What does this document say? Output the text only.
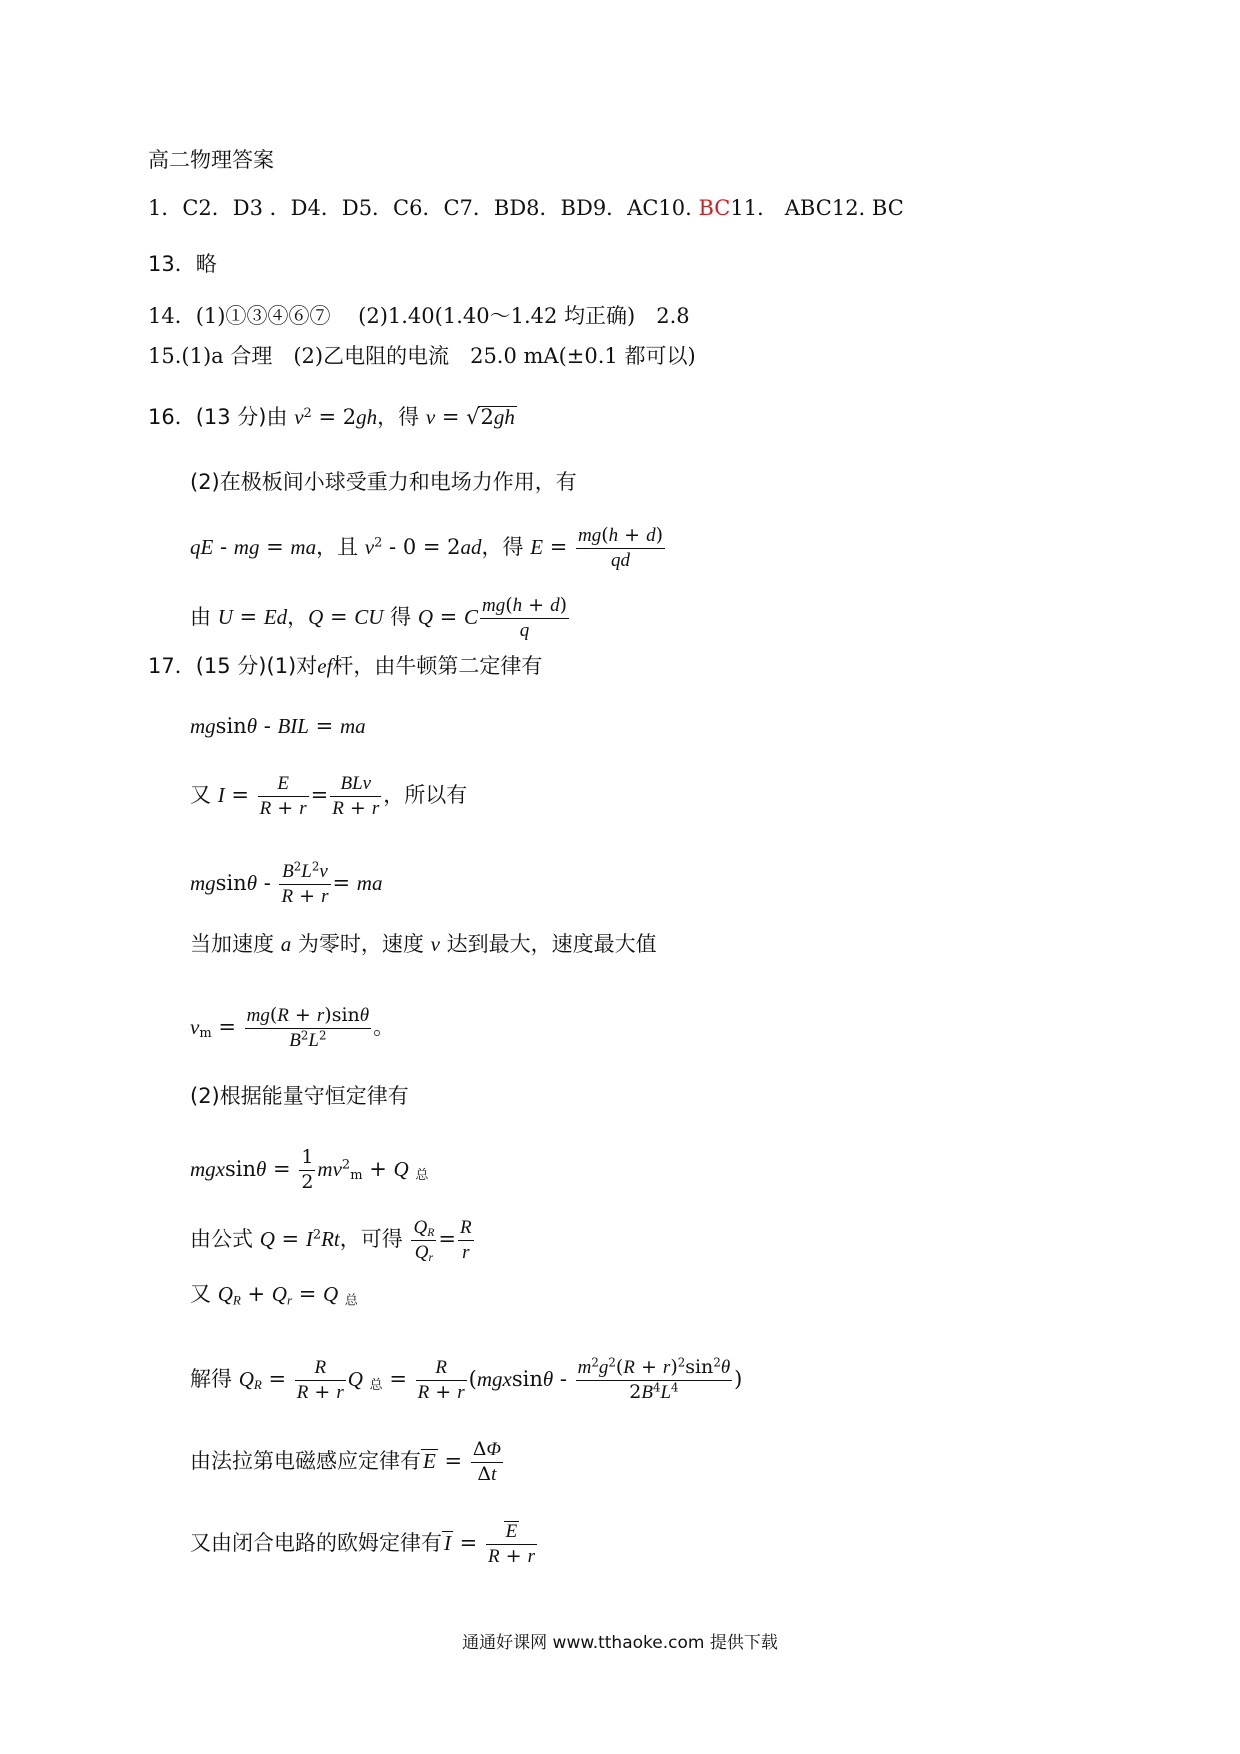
高二物理答案
1．C2．D3 ．D4．D5．C6．C7．BD8．BD9．AC10. BC11． ABC12. BC
13．略
14．(1)①③④⑥⑦　 (2)1.40(1.40～1.42 均正确)　2.8
15.(1)a 合理　(2)乙电阻的电流　25.0 mA(±0.1 都可以)
16．(13 分)由 $v^2 = 2gh$，得 v = √2gh
(2)在极板间小球受重力和电场力作用，有
qE - mg = ma，且 $v^2 - 0 = 2ad$，得 $E = \frac{mg(h + d)}{qd}$
由 U = Ed，Q = CU 得 Q = C $\frac{mg(h + d)}{q}$
17．(15 分)(1)对ef杆，由牛顿第二定律有
mgsinθ - BIL = ma
又 $I = \frac{E}{R + r} = \frac{\text{BLv}}{R + r}$ ，所以有
mgsinθ - $\frac{B^2L^2v}{R + r}$ = ma
当加速度 a 为零时，速度 v 达到最大，速度最大值
$v_m = \frac{mg(R + r)\sin\theta}{B^2L^2}$ 。
(2)根据能量守恒定律有
$mgxsin\theta = \frac{1}{2} mv^2_m + Q$ $_总$
由公式 $Q = I^2Rt$，可得 $\frac{Q_R}{Q_r} = \frac{R}{r}$
又 $Q_R + Q_r = Q$ $_总$
解得 $Q_R = \frac{R}{R + r}$ Q $_总 = \frac{R}{R + r} (mgxsin\theta - \frac{m^2g^2(R + r)^2\sin^2\theta}{2B^4L^4}$ )
由法拉第电磁感应定律有$E = \frac{\Delta\Phi}{\Delta t}$
又由闭合电路的欧姆定律有$I = \frac{E}{R + r}$
通通好课网 www.tthaoke.com 提供下载
